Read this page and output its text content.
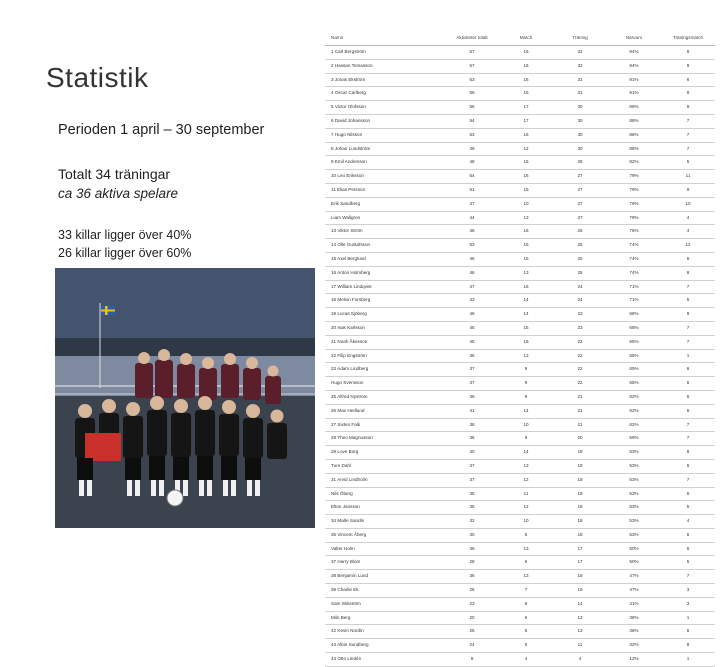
Statistik
Perioden 1 april – 30 september
Totalt 34 träningar
ca 36 aktiva spelare
33 killar ligger över 40%
26 killar ligger över 60%
Namn	Aktiviteter totalt	Match	Träning	Närvaro	Träningsmatch
1 Carl Bergström	57	16	32	94%	9
2 Hassan Tomasson	57	16	32	94%	9
3 Jonas Ekström	53	16	31	91%	6
4 Oscar Carlberg	56	16	31	91%	9
5 Victor Olofsson	56	17	30	88%	9
6 David Johansson	54	17	30	88%	7
7 Hugo Nilsson	53	16	30	88%	7
8 Johan Lundström	49	12	30	88%	7
9 Emil Andersson	48	15	28	82%	5
10 Leo Eriksson	54	16	27	79%	11
11 Elias Persson	51	15	27	79%	9
Erik Sandberg	47	10	27	79%	10
Liam Wallgren	44	13	27	79%	4
13 Viktor Ström	46	16	26	76%	4
14 Olle Gustafsson	53	16	25	74%	12
15 Axel Berglund	46	15	25	74%	6
16 Anton Holmberg	46	13	25	74%	8
17 William Lindqvist	47	16	24	71%	7
18 Melvin Forsberg	43	14	24	71%	5
19 Lucas Sjöberg	46	14	23	68%	9
20 Isak Karlsson	45	15	23	68%	7
21 Noah Åkesson	45	16	22	65%	7
22 Filip Engström	36	13	22	65%	1
23 Adam Lindberg	37	9	22	65%	6
Hugo Svensson	37	9	22	65%	6
25 Alfred Nyström	36	9	21	62%	6
26 Max Hedlund	41	14	21	62%	6
27 Sixten Falk	38	10	21	62%	7
28 Theo Magnusson	36	9	20	59%	7
29 Love Borg	40	14	18	53%	8
Ture Dahl	37	13	18	53%	6
31 Arvid Lindholm	37	12	18	53%	7
Nils Öberg	35	11	18	53%	6
Elton Jansson	35	12	18	53%	5
34 Malte Sandin	32	10	18	53%	4
35 Vincent Åberg	30	6	18	53%	6
Valter Holm	36	13	17	50%	6
37 Harry Blom	28	6	17	50%	5
38 Benjamin Lund	36	13	16	47%	7
39 Charlie Ek	26	7	16	47%	3
Sam Wikström	23	6	14	41%	3
Milo Berg	20	6	13	38%	1
42 Kevin Nordin	25	6	13	38%	6
43 Albin Sundberg	24	5	11	32%	8
44 Otto Lindén	9	4	4	12%	1
